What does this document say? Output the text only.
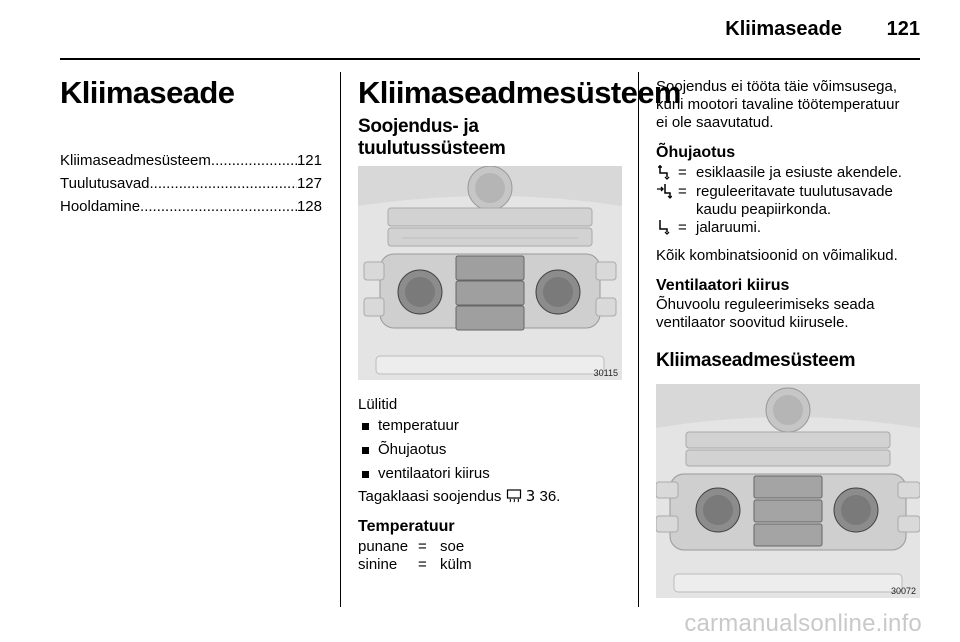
Kliimaseade 121
Kliimaseade
Kliimaseadmesüsteem .....	121
Tuulutusavad .....	127
Hooldamine .....	128
Kliimaseadmesüsteem
Soojendus- ja
tuulutussüsteem
30115
Lülitid
temperatuur
Õhujaotus
ventilaatori kiirus
Tagaklaasi soojendus 3 36.
Temperatuur
punane	=	soe
sinine	=	külm
Soojendus ei tööta täie võimsusega,
kuni mootori tavaline töötemperatuur
ei ole saavutatud.
Õhujaotus
	=	esiklaasile ja esiuste akendele.
	=	reguleeritavate tuulutusavade
kaudu peapiirkonda.

	=	jalaruumi.
Kõik kombinatsioonid on võimalikud.
Ventilaatori kiirus
Õhuvoolu reguleerimiseks seada
ventilaator soovitud kiirusele.
Kliimaseadmesüsteem
30072
carmanualsonline.info
